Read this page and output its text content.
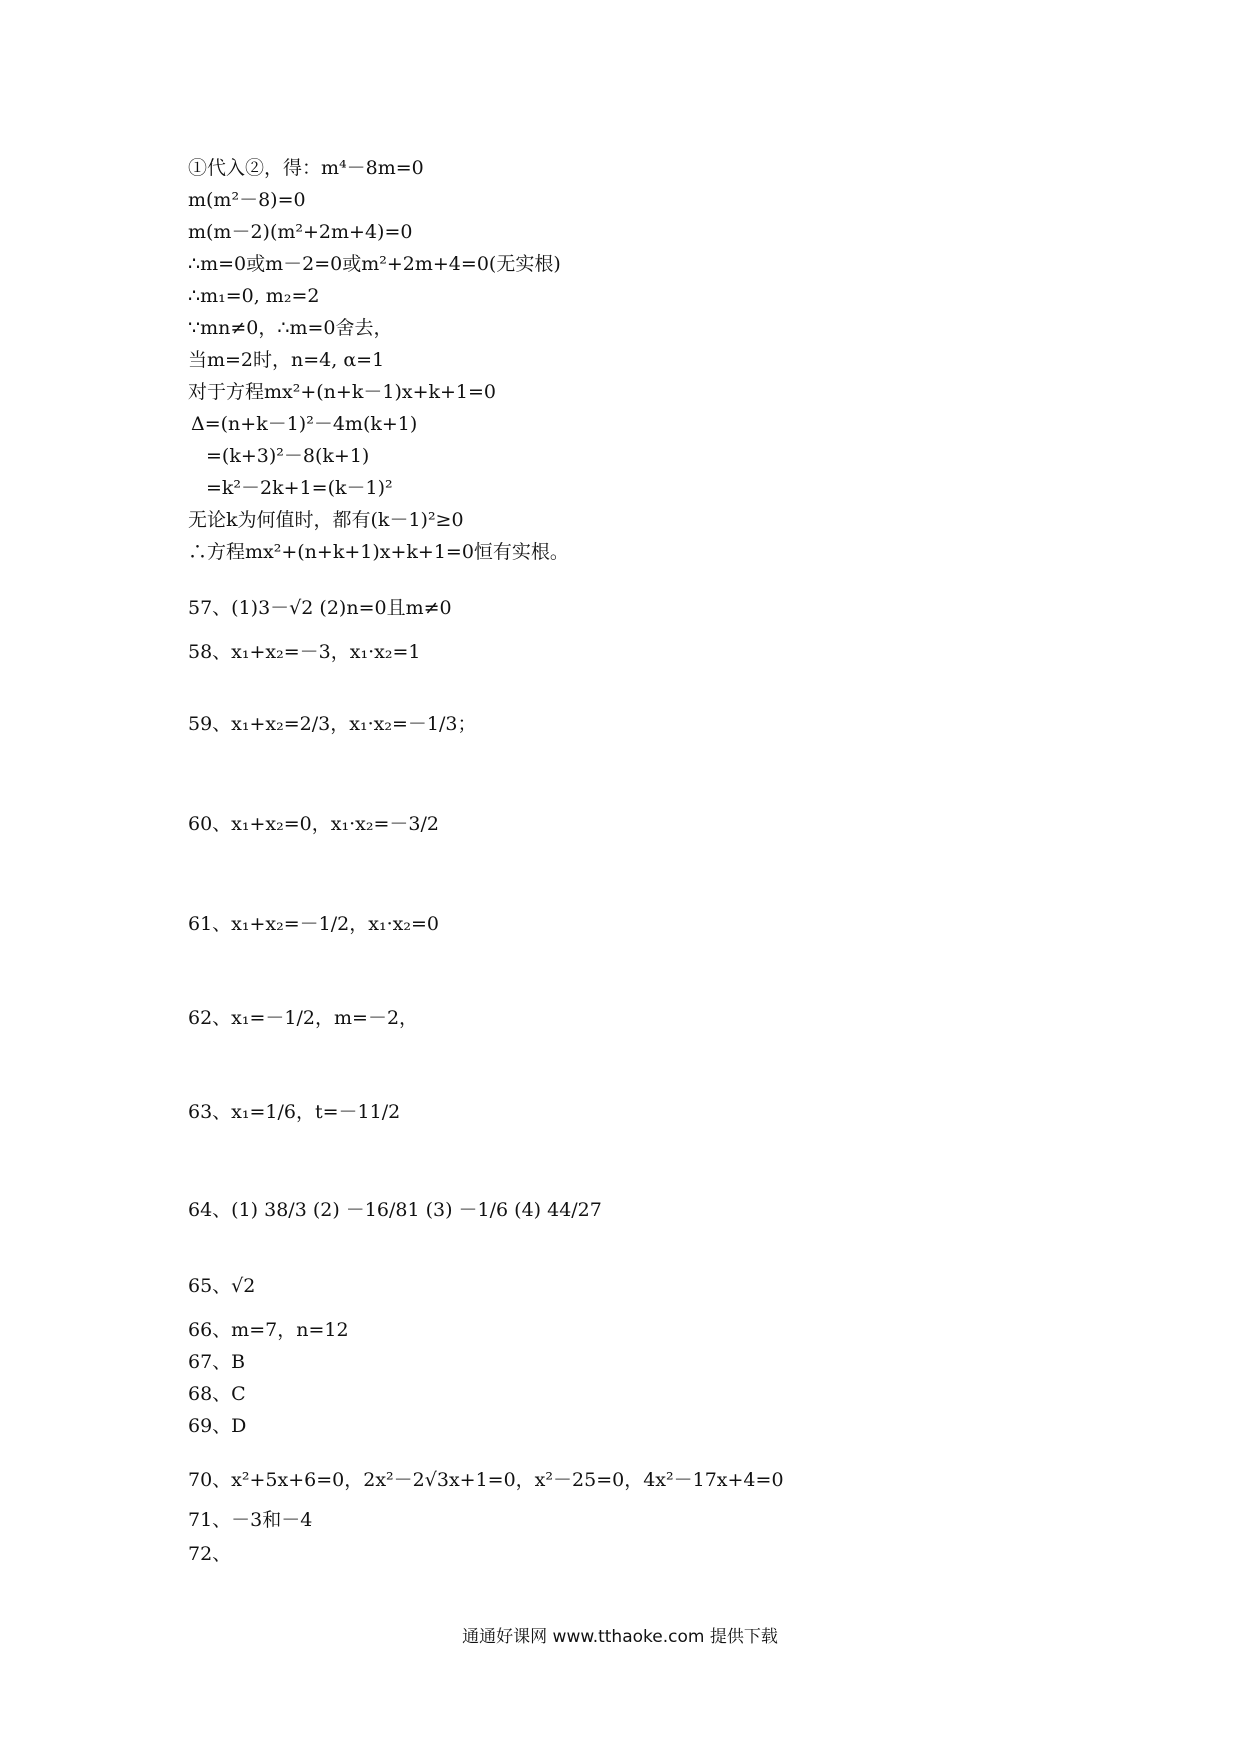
①代入②，得：m⁴－8m=0
m(m²－8)=0
m(m－2)(m²+2m+4)=0
∴m=0或m－2=0或m²+2m+4=0(无实根)
∴m₁=0, m₂=2
∵mn≠0，∴m=0舍去，
当m=2时，n=4, α=1
对于方程mx²+(n+k－1)x+k+1=0
Δ=(n+k－1)²－4m(k+1)
=(k+3)²－8(k+1)
=k²－2k+1=(k－1)²
无论k为何值时，都有(k－1)²≥0
∴方程mx²+(n+k+1)x+k+1=0恒有实根。
57、(1)3－√2 (2)n=0且m≠0
58、x₁+x₂=－3，x₁·x₂=1
59、x₁+x₂=2/3，x₁·x₂=－1/3；
60、x₁+x₂=0，x₁·x₂=－3/2
61、x₁+x₂=－1/2，x₁·x₂=0
62、x₁=－1/2，m=－2，
63、x₁=1/6，t=－11/2
64、(1) 38/3 (2) －16/81 (3) －1/6 (4) 44/27
65、√2
66、m=7，n=12
67、B
68、C
69、D
70、x²+5x+6=0，2x²－2√3x+1=0，x²－25=0，4x²－17x+4=0
71、－3和－4
72、
通通好课网 www.tthaoke.com 提供下载
